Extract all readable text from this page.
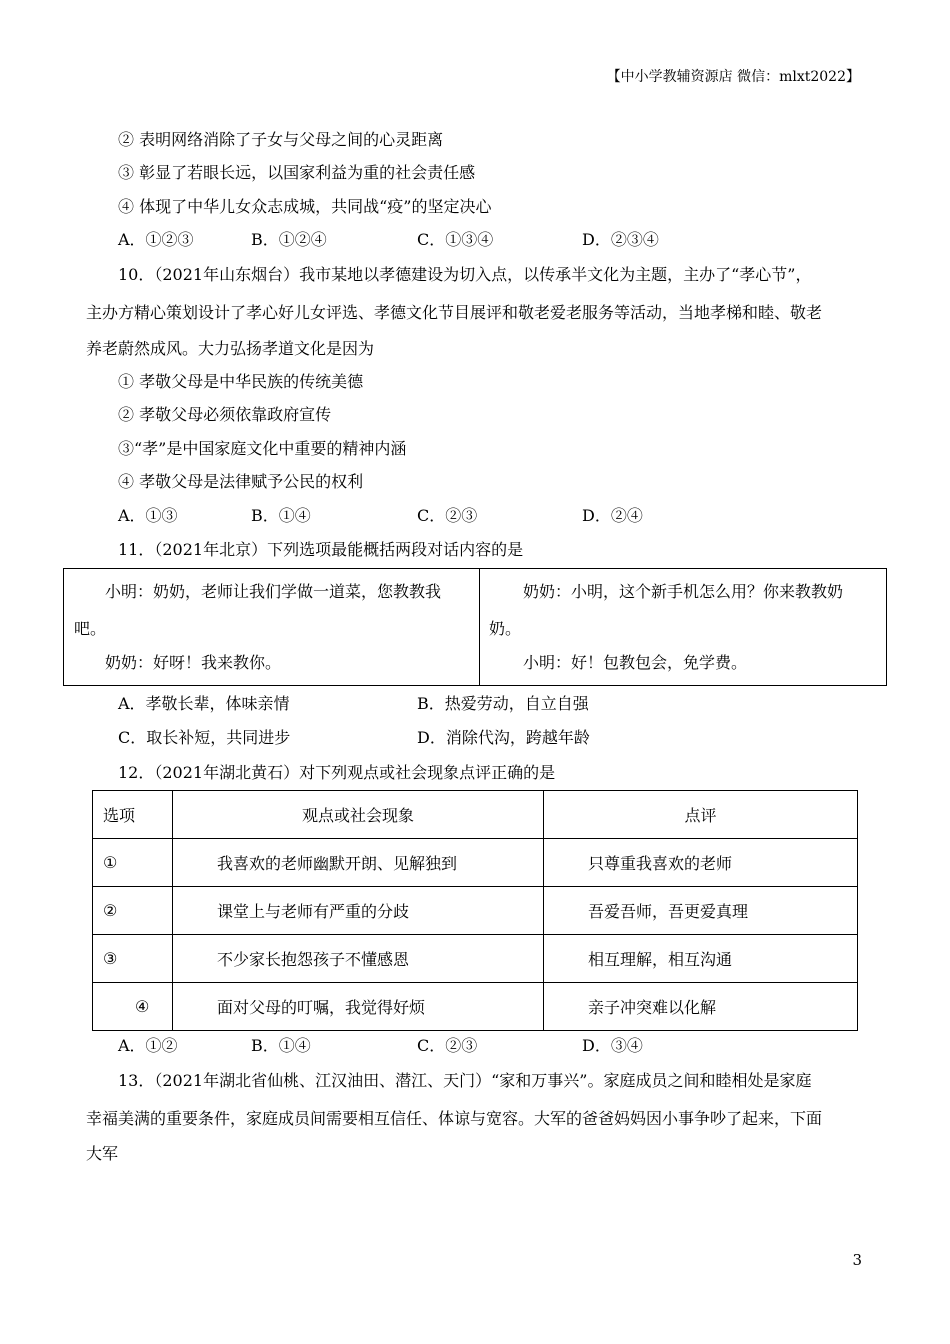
【中小学教辅资源店 微信：mlxt2022】
② 表明网络消除了子女与父母之间的心灵距离
③ 彰显了若眼长远，以国家利益为重的社会责任感
④ 体现了中华儿女众志成城，共同战“疫”的坚定决心
A．①②③	B．①②④	C．①③④	D．②③④
10．（2021年山东烟台）我市某地以孝德建设为切入点，以传承半文化为主题，主办了“孝心节”，
主办方精心策划设计了孝心好儿女评选、孝德文化节目展评和敬老爱老服务等活动，当地孝梯和睦、敬老
养老蔚然成风。大力弘扬孝道文化是因为
① 孝敬父母是中华民族的传统美德
② 孝敬父母必须依靠政府宣传
③“孝”是中国家庭文化中重要的精神内涵
④ 孝敬父母是法律赋予公民的权利
A．①③	B．①④	C．②③	D．②④
11．（2021年北京）下列选项最能概括两段对话内容的是
小明：奶奶，老师让我们学做一道菜，您教教我
吧。
奶奶：好呀！我来教你。
奶奶：小明，这个新手机怎么用？你来教教奶
奶。
小明：好！包教包会，免学费。
A．孝敬长辈，体味亲情	B．热爱劳动，自立自强
C．取长补短，共同进步	D．消除代沟，跨越年龄
12．（2021年湖北黄石）对下列观点或社会现象点评正确的是
选项	观点或社会现象	点评
①	我喜欢的老师幽默开朗、见解独到	只尊重我喜欢的老师
②	课堂上与老师有严重的分歧	吾爱吾师，吾更爱真理
③	不少家长抱怨孩子不懂感恩	相互理解，相互沟通
④	面对父母的叮嘱，我觉得好烦	亲子冲突难以化解
A．①②	B．①④	C．②③	D．③④
13．（2021年湖北省仙桃、江汉油田、潜江、天门）“家和万事兴”。家庭成员之间和睦相处是家庭
幸福美满的重要条件，家庭成员间需要相互信任、体谅与宽容。大军的爸爸妈妈因小事争吵了起来，下面
大军
3
